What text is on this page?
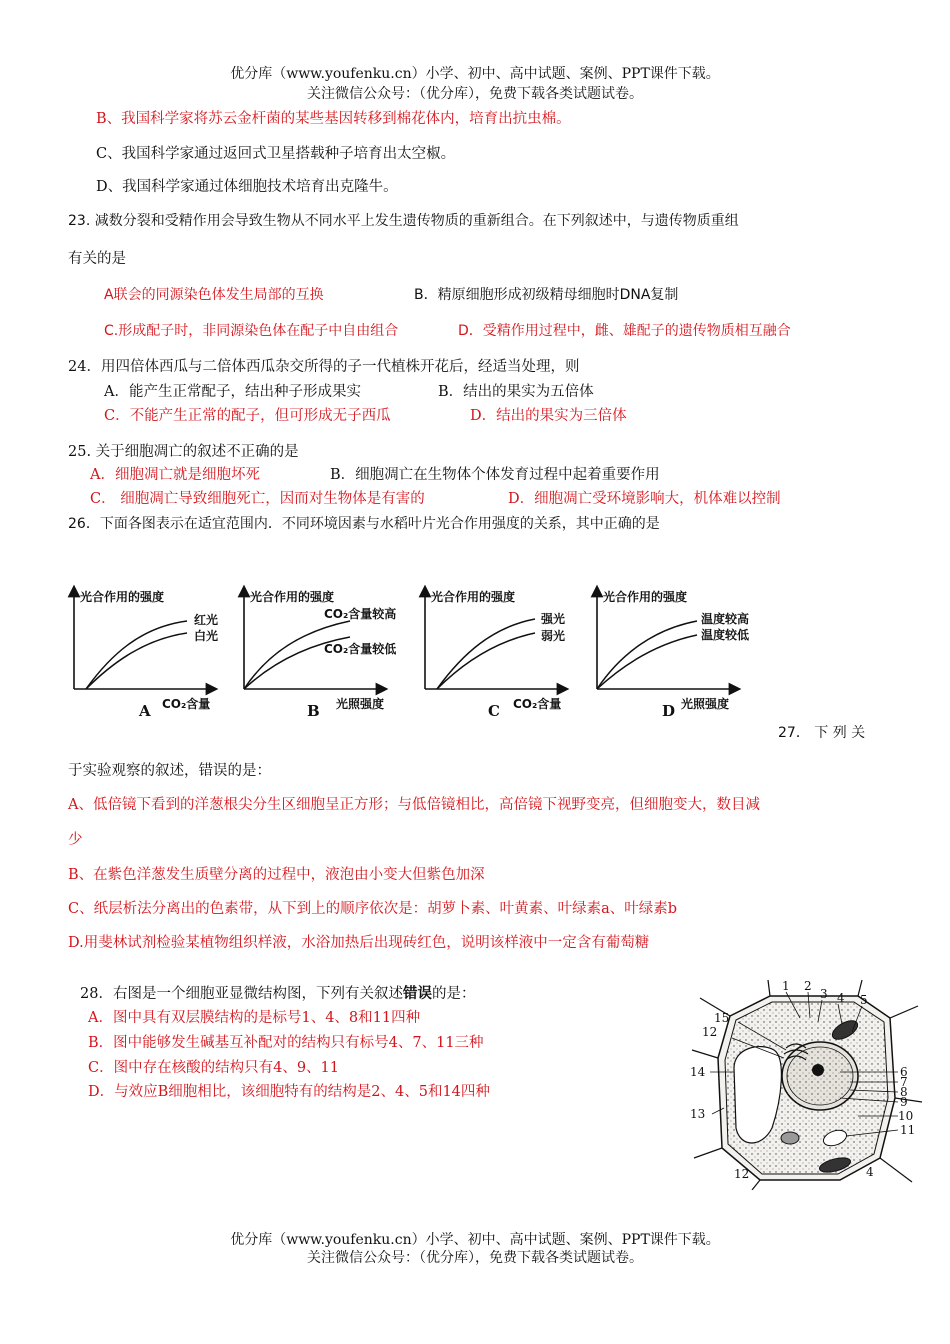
优分库（www.youfenku.cn）小学、初中、高中试题、案例、PPT课件下载。
关注微信公众号：（优分库），免费下载各类试题试卷。
B、我国科学家将苏云金杆菌的某些基因转移到棉花体内，培育出抗虫棉。
C、我国科学家通过返回式卫星搭载种子培育出太空椒。
D、我国科学家通过体细胞技术培育出克隆牛。
23. 减数分裂和受精作用会导致生物从不同水平上发生遗传物质的重新组合。在下列叙述中，与遗传物质重组
有关的是
A联会的同源染色体发生局部的互换	B．精原细胞形成初级精母细胞时DNA复制
C.形成配子时，非同源染色体在配子中自由组合	D．受精作用过程中，雌、雄配子的遗传物质相互融合
24．用四倍体西瓜与二倍体西瓜杂交所得的子一代植株开花后，经适当处理，则
A．能产生正常配子，结出种子形成果实	B．结出的果实为五倍体
C．不能产生正常的配子，但可形成无子西瓜	D．结出的果实为三倍体
25. 关于细胞凋亡的叙述不正确的是
A．细胞凋亡就是细胞坏死	B．细胞凋亡在生物体个体发育过程中起着重要作用
C． 细胞凋亡导致细胞死亡，因而对生物体是有害的	D．细胞凋亡受环境影响大，机体难以控制
26．下面各图表示在适宜范围内．不同环境因素与水稻叶片光合作用强度的关系，其中正确的是
光合作用的强度
红光
白光
CO₂含量
A
光合作用的强度
CO₂含量较高
CO₂含量较低
光照强度
B
光合作用的强度
强光
弱光
CO₂含量
C
光合作用的强度
温度较高
温度较低
光照强度
D
27． 下 列 关
于实验观察的叙述，错误的是：
A、低倍镜下看到的洋葱根尖分生区细胞呈正方形；与低倍镜相比，高倍镜下视野变亮，但细胞变大，数目减
少
B、在紫色洋葱发生质壁分离的过程中，液泡由小变大但紫色加深
C、纸层析法分离出的色素带，从下到上的顺序依次是：胡萝卜素、叶黄素、叶绿素a、叶绿素b
D.用斐林试剂检验某植物组织样液，水浴加热后出现砖红色，说明该样液中一定含有葡萄糖
28．右图是一个细胞亚显微结构图，下列有关叙述错误的是：
A．图中具有双层膜结构的是标号1、4、8和11四种
B．图中能够发生碱基互补配对的结构只有标号4、7、11三种
C．图中存在核酸的结构只有4、9、11
D．与效应B细胞相比，该细胞特有的结构是2、4、5和14四种
1 2
3 4 5
15
12
6
7
8
9
10
11
14
13
12	4
优分库（www.youfenku.cn）小学、初中、高中试题、案例、PPT课件下载。
关注微信公众号：（优分库），免费下载各类试题试卷。
